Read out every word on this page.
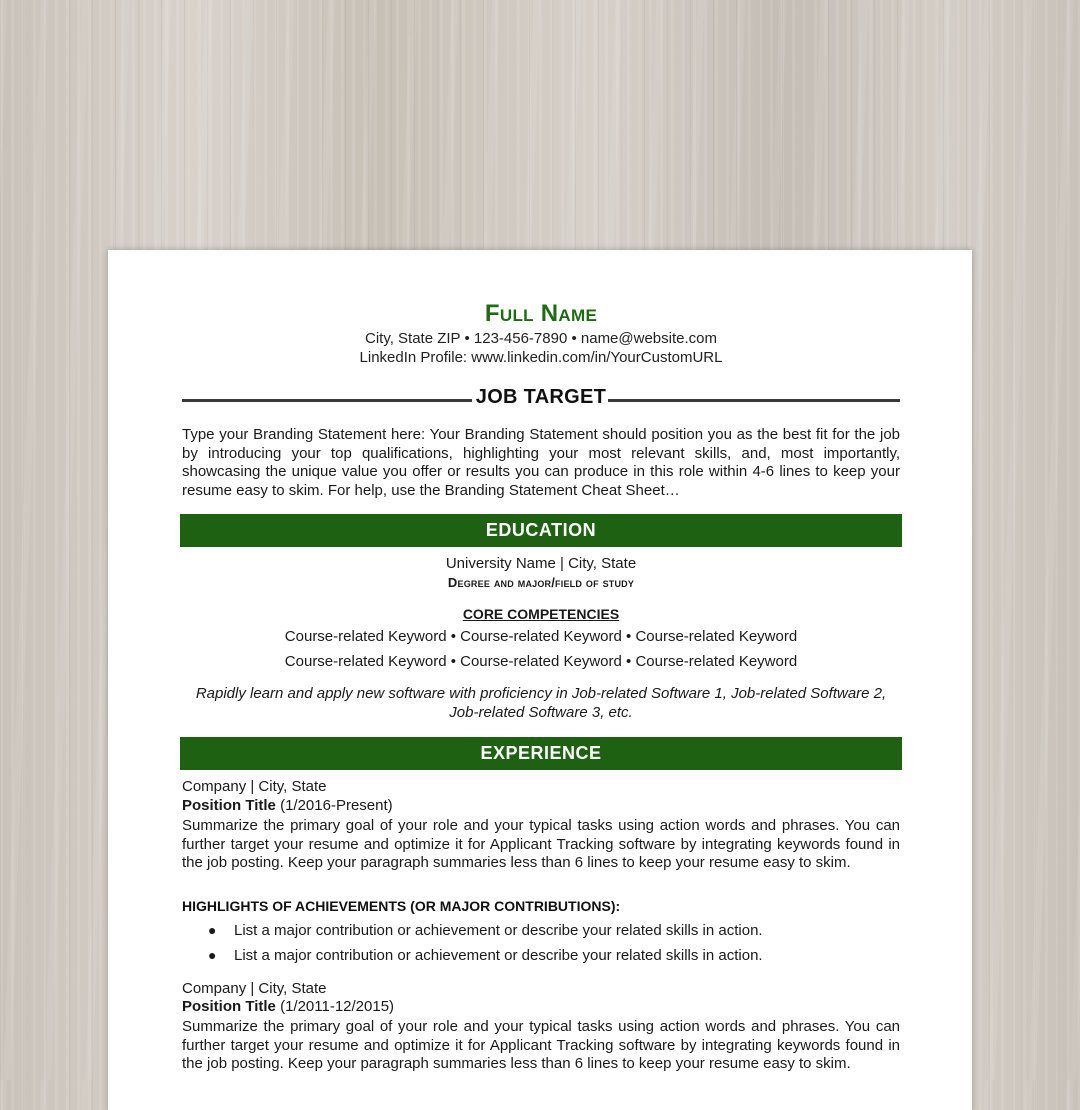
Full Name
City, State ZIP • 123-456-7890 • name@website.com
LinkedIn Profile: www.linkedin.com/in/YourCustomURL
JOB TARGET

Type your Branding Statement here: Your Branding Statement should position you as the best fit for the job by introducing your top qualifications, highlighting your most relevant skills, and, most importantly, showcasing the unique value you offer or results you can produce in this role within 4-6 lines to keep your resume easy to skim. For help, use the Branding Statement Cheat Sheet…

EDUCATION
University Name | City, State
Degree and major/field of study
CORE COMPETENCIES
Course-related Keyword • Course-related Keyword • Course-related Keyword
Course-related Keyword • Course-related Keyword • Course-related Keyword
Rapidly learn and apply new software with proficiency in Job-related Software 1, Job-related Software 2, Job-related Software 3, etc.
EXPERIENCE
Company | City, State
Position Title (1/2016-Present)

Summarize the primary goal of your role and your typical tasks using action words and phrases. You can further target your resume and optimize it for Applicant Tracking software by integrating keywords found in the job posting. Keep your paragraph summaries less than 6 lines to keep your resume easy to skim.

HIGHLIGHTS OF ACHIEVEMENTS (OR MAJOR CONTRIBUTIONS):
● List a major contribution or achievement or describe your related skills in action.
● List a major contribution or achievement or describe your related skills in action.
Company | City, State
Position Title (1/2011-12/2015)

Summarize the primary goal of your role and your typical tasks using action words and phrases. You can further target your resume and optimize it for Applicant Tracking software by integrating keywords found in the job posting. Keep your paragraph summaries less than 6 lines to keep your resume easy to skim.
